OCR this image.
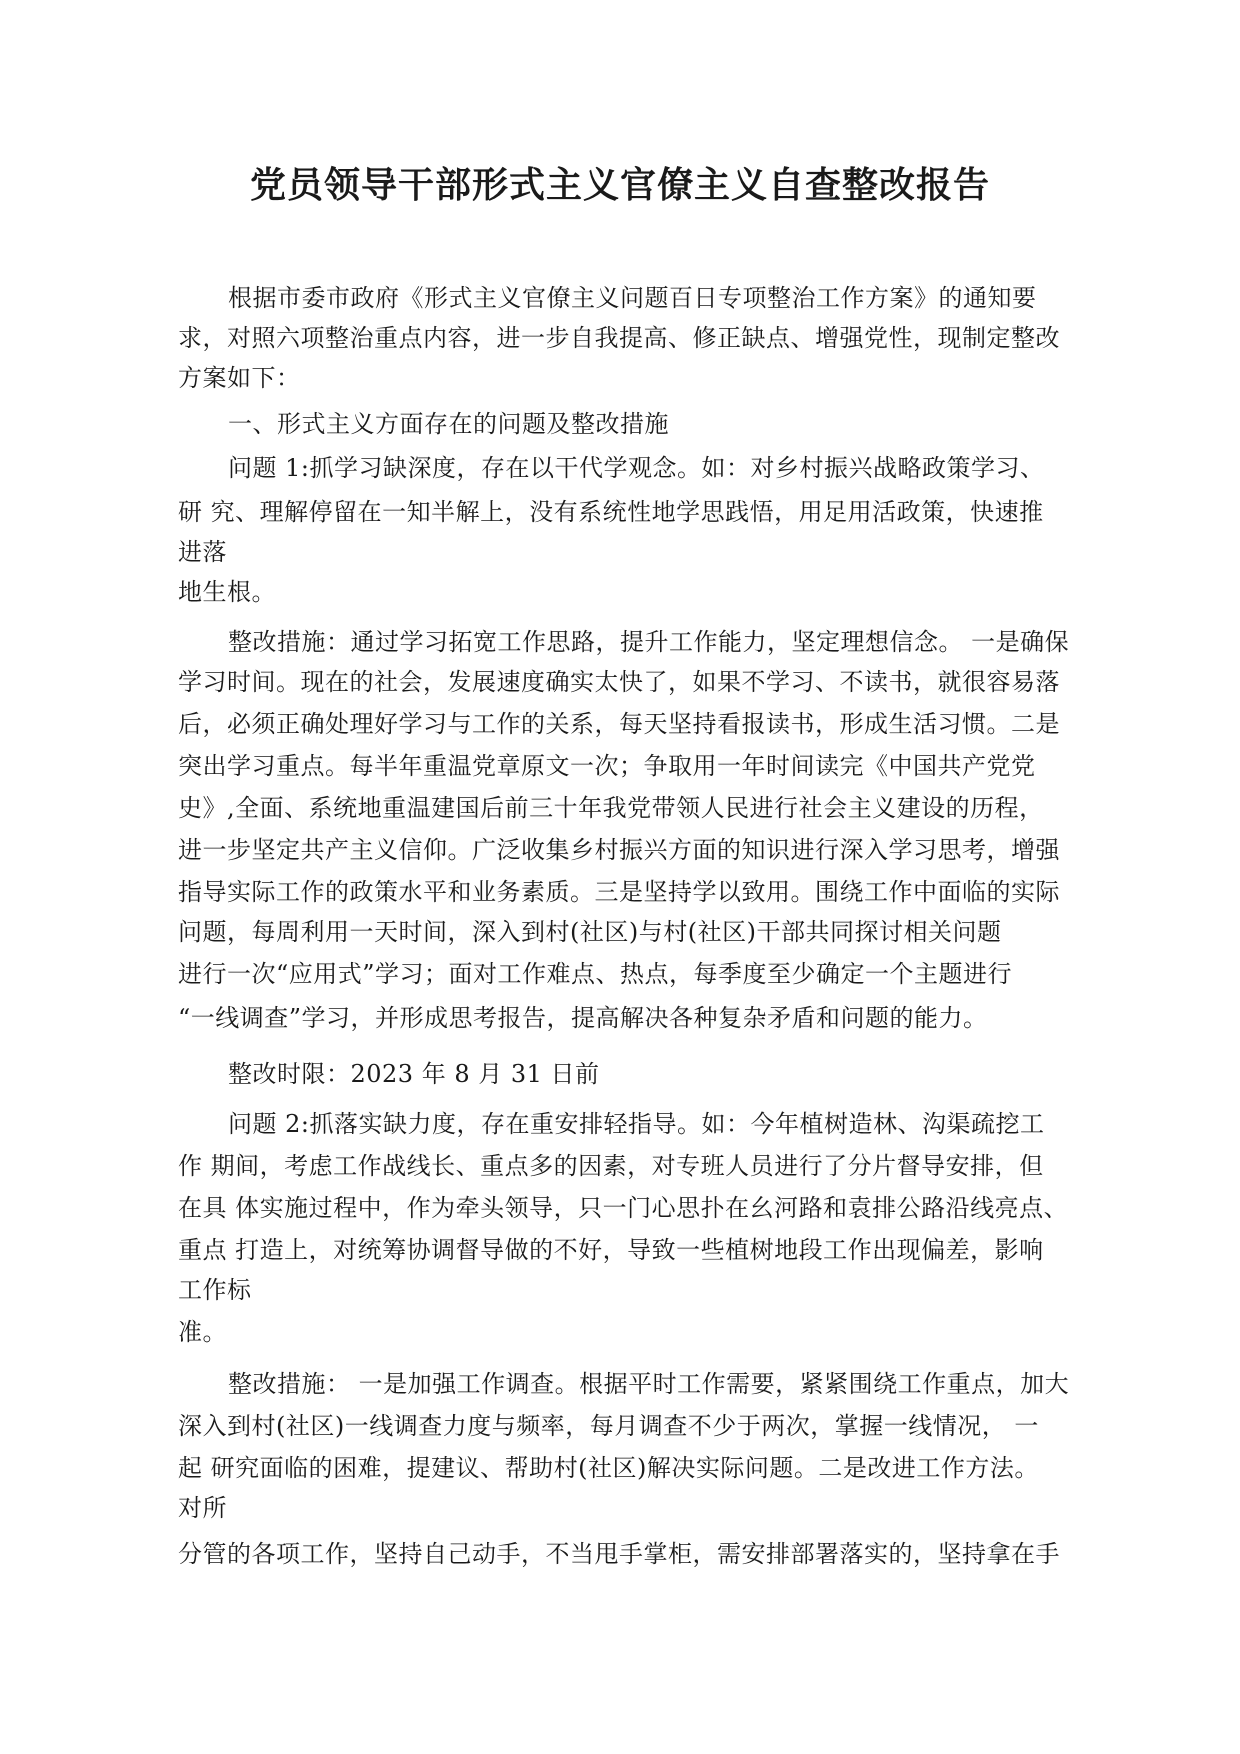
党员领导干部形式主义官僚主义自查整改报告
根据市委市政府《形式主义官僚主义问题百日专项整治工作方案》的通知要
求，对照六项整治重点内容，进一步自我提高、修正缺点、增强党性，现制定整改
方案如下：
一、形式主义方面存在的问题及整改措施
问题 1:抓学习缺深度，存在以干代学观念。如：对乡村振兴战略政策学习、
研 究、理解停留在一知半解上，没有系统性地学思践悟，用足用活政策，快速推
进落
地生根。
整改措施：通过学习拓宽工作思路，提升工作能力，坚定理想信念。 一是确保
学习时间。现在的社会，发展速度确实太快了，如果不学习、不读书，就很容易落
后，必须正确处理好学习与工作的关系，每天坚持看报读书，形成生活习惯。二是
突出学习重点。每半年重温党章原文一次；争取用一年时间读完《中国共产党党
史》,全面、系统地重温建国后前三十年我党带领人民进行社会主义建设的历程，
进一步坚定共产主义信仰。广泛收集乡村振兴方面的知识进行深入学习思考，增强
指导实际工作的政策水平和业务素质。三是坚持学以致用。围绕工作中面临的实际
问题，每周利用一天时间，深入到村(社区)与村(社区)干部共同探讨相关问题
进行一次“应用式”学习；面对工作难点、热点，每季度至少确定一个主题进行
“一线调查”学习，并形成思考报告，提高解决各种复杂矛盾和问题的能力。
整改时限：2023 年 8 月 31 日前
问题 2:抓落实缺力度，存在重安排轻指导。如：今年植树造林、沟渠疏挖工
作 期间，考虑工作战线长、重点多的因素，对专班人员进行了分片督导安排，但
在具 体实施过程中，作为牵头领导，只一门心思扑在幺河路和袁排公路沿线亮点、
重点 打造上，对统筹协调督导做的不好，导致一些植树地段工作出现偏差，影响
工作标
准。
整改措施： 一是加强工作调查。根据平时工作需要，紧紧围绕工作重点，加大
深入到村(社区)一线调查力度与频率，每月调查不少于两次，掌握一线情况， 一
起 研究面临的困难，提建议、帮助村(社区)解决实际问题。二是改进工作方法。
对所
分管的各项工作，坚持自己动手，不当甩手掌柜，需安排部署落实的，坚持拿在手
